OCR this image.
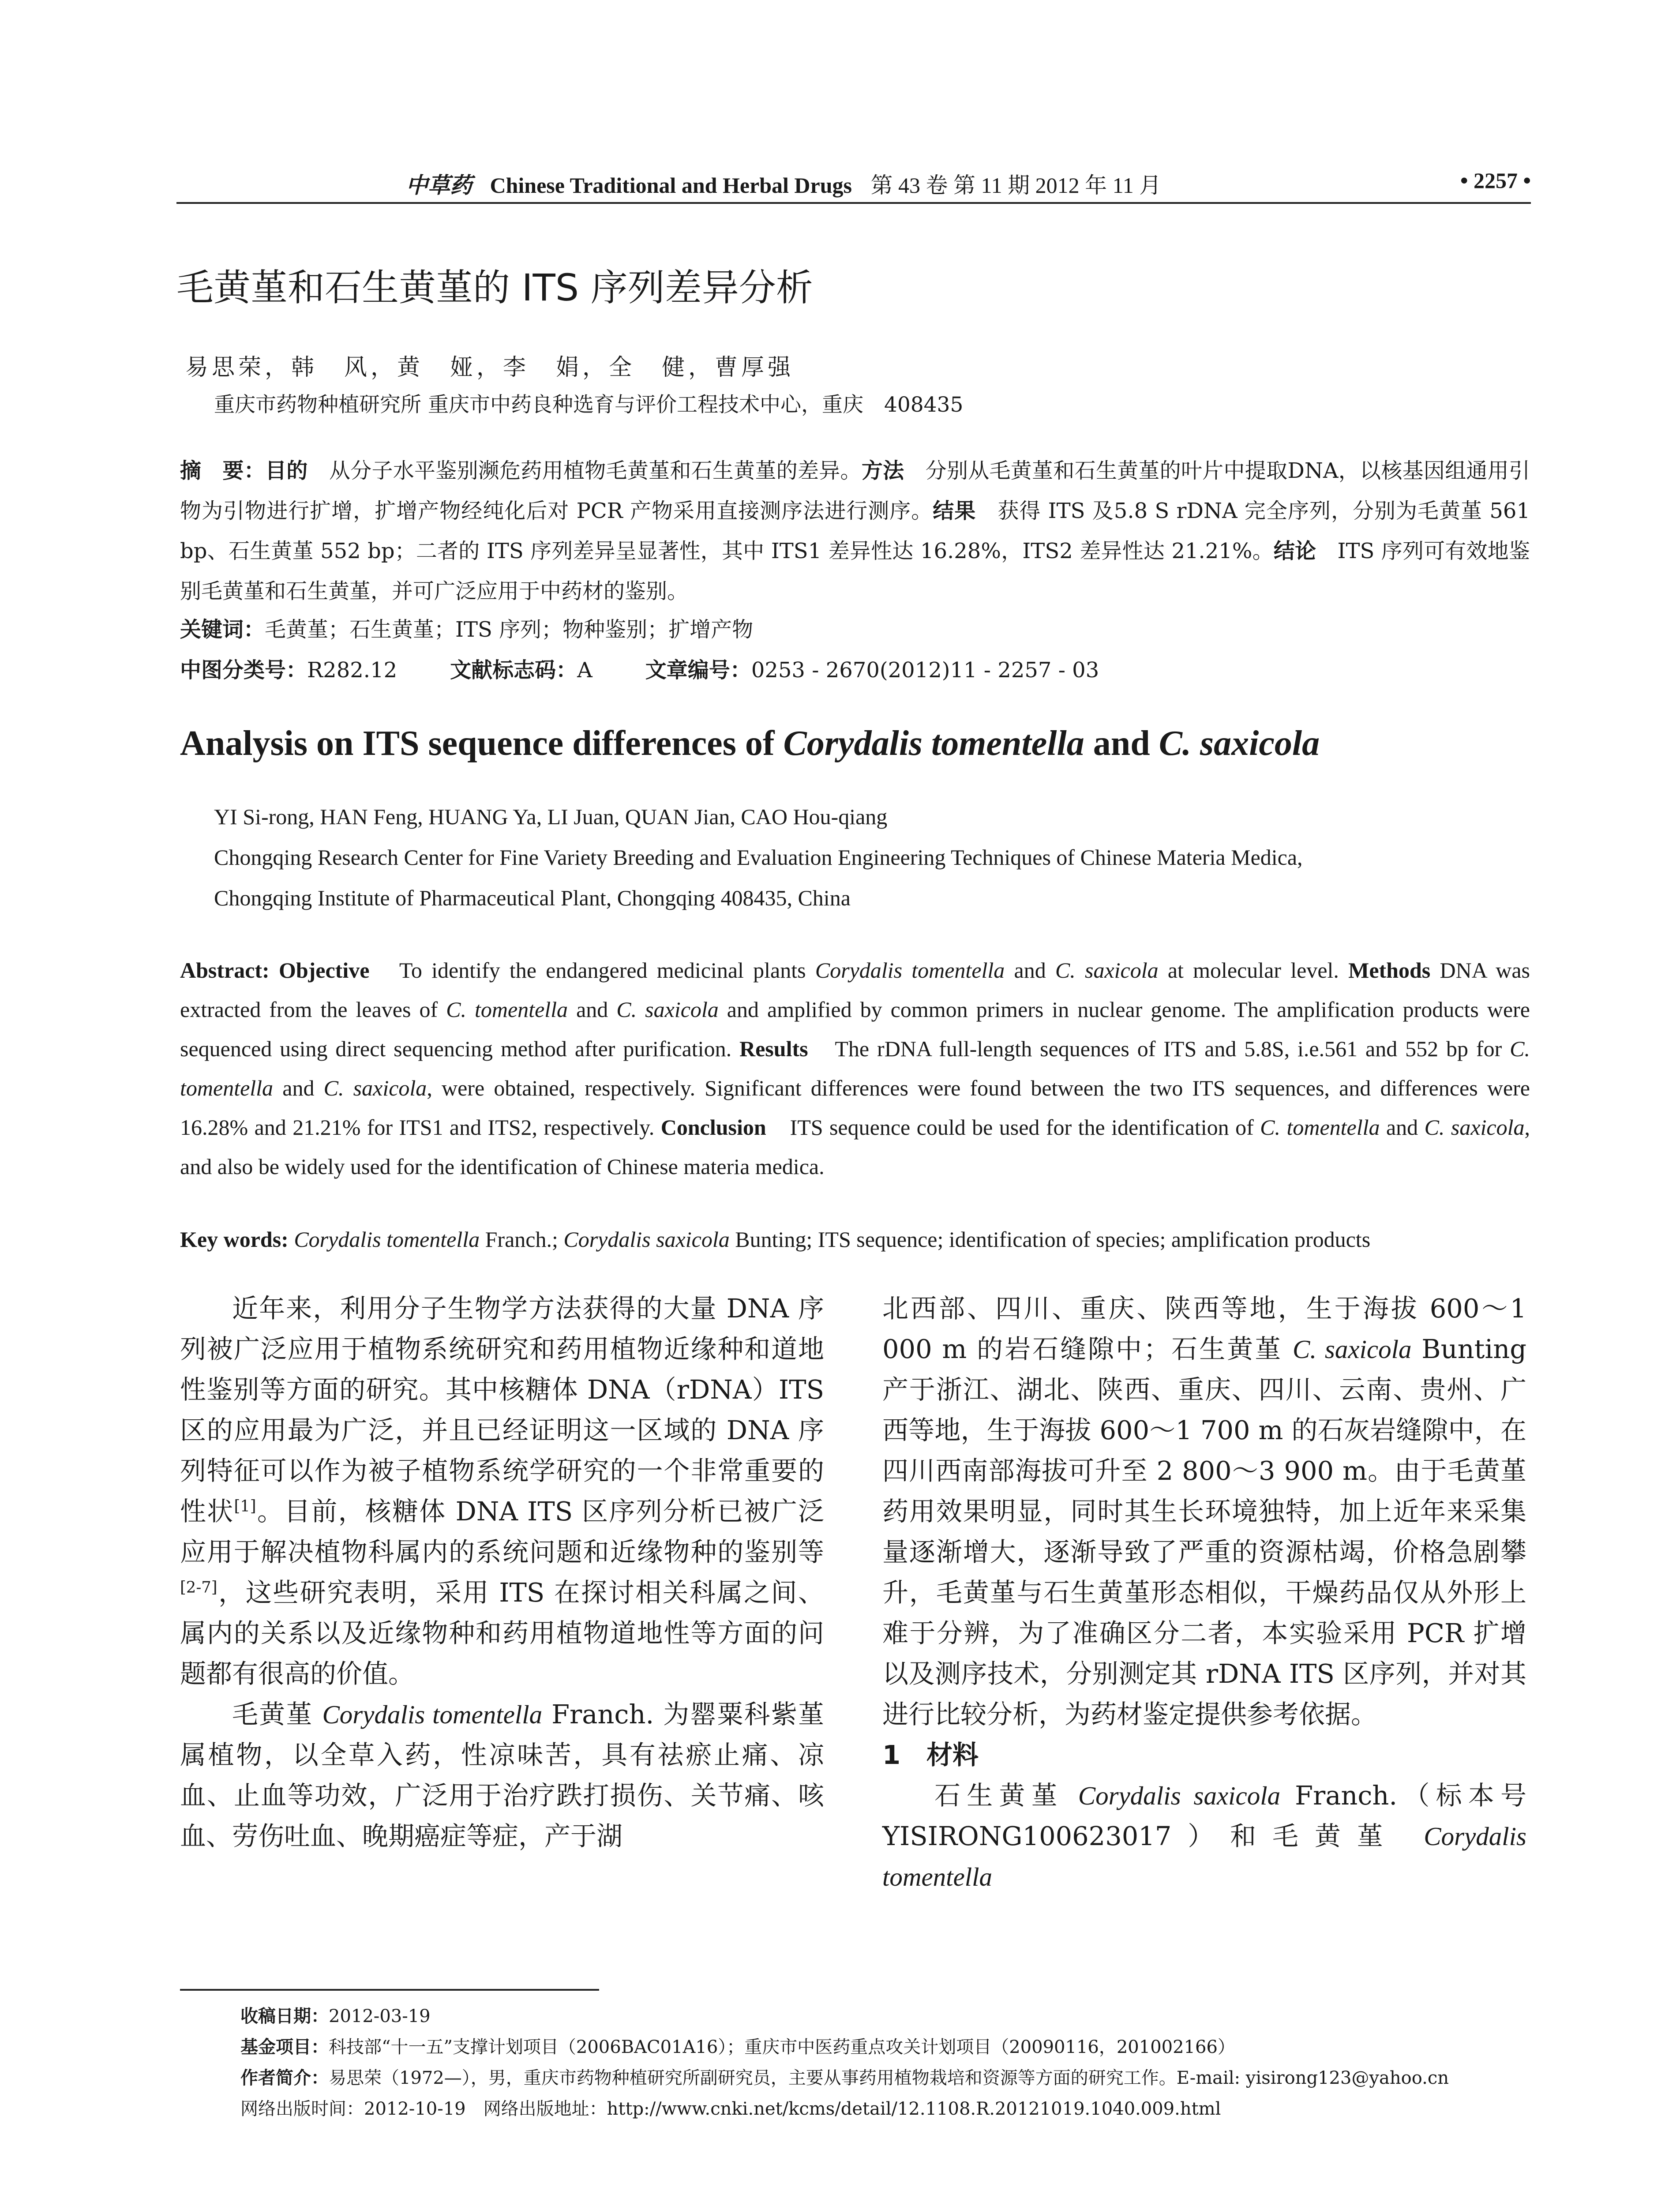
中草药 Chinese Traditional and Herbal Drugs 第 43 卷 第 11 期 2012 年 11 月	• 2257 •
毛黄堇和石生黄堇的 ITS 序列差异分析
易思荣，韩　风，黄　娅，李　娟，全　健，曹厚强
重庆市药物种植研究所 重庆市中药良种选育与评价工程技术中心，重庆　408435
摘　要：目的　从分子水平鉴别濒危药用植物毛黄堇和石生黄堇的差异。方法　分别从毛黄堇和石生黄堇的叶片中提取DNA，以核基因组通用引物为引物进行扩增，扩增产物经纯化后对 PCR 产物采用直接测序法进行测序。结果　获得 ITS 及5.8 S rDNA 完全序列，分别为毛黄堇 561 bp、石生黄堇 552 bp；二者的 ITS 序列差异呈显著性，其中 ITS1 差异性达 16.28%，ITS2 差异性达 21.21%。结论　ITS 序列可有效地鉴别毛黄堇和石生黄堇，并可广泛应用于中药材的鉴别。
关键词：毛黄堇；石生黄堇；ITS 序列；物种鉴别；扩增产物
中图分类号：R282.12	文献标志码：A	文章编号：0253 - 2670(2012)11 - 2257 - 03
Analysis on ITS sequence differences of Corydalis tomentella and C. saxicola
YI Si-rong, HAN Feng, HUANG Ya, LI Juan, QUAN Jian, CAO Hou-qiang
Chongqing Research Center for Fine Variety Breeding and Evaluation Engineering Techniques of Chinese Materia Medica,
Chongqing Institute of Pharmaceutical Plant, Chongqing 408435, China
Abstract: Objective　To identify the endangered medicinal plants Corydalis tomentella and C. saxicola at molecular level. Methods DNA was extracted from the leaves of C. tomentella and C. saxicola and amplified by common primers in nuclear genome. The amplification products were sequenced using direct sequencing method after purification. Results　The rDNA full-length sequences of ITS and 5.8S, i.e.561 and 552 bp for C. tomentella and C. saxicola, were obtained, respectively. Significant differences were found between the two ITS sequences, and differences were 16.28% and 21.21% for ITS1 and ITS2, respectively. Conclusion　ITS sequence could be used for the identification of C. tomentella and C. saxicola, and also be widely used for the identification of Chinese materia medica.
Key words: Corydalis tomentella Franch.; Corydalis saxicola Bunting; ITS sequence; identification of species; amplification products

近年来，利用分子生物学方法获得的大量 DNA 序列被广泛应用于植物系统研究和药用植物近缘种和道地性鉴别等方面的研究。其中核糖体 DNA（rDNA）ITS 区的应用最为广泛，并且已经证明这一区域的 DNA 序列特征可以作为被子植物系统学研究的一个非常重要的性状[1]。目前，核糖体 DNA ITS 区序列分析已被广泛应用于解决植物科属内的系统问题和近缘物种的鉴别等[2-7]，这些研究表明，采用 ITS 在探讨相关科属之间、属内的关系以及近缘物种和药用植物道地性等方面的问题都有很高的价值。

毛黄堇 Corydalis tomentella Franch. 为罂粟科紫堇属植物，以全草入药，性凉味苦，具有祛瘀止痛、凉血、止血等功效，广泛用于治疗跌打损伤、关节痛、咳血、劳伤吐血、晚期癌症等症，产于湖

北西部、四川、重庆、陕西等地，生于海拔 600～1 000 m 的岩石缝隙中；石生黄堇 C. saxicola Bunting 产于浙江、湖北、陕西、重庆、四川、云南、贵州、广西等地，生于海拔 600～1 700 m 的石灰岩缝隙中，在四川西南部海拔可升至 2 800～3 900 m。由于毛黄堇药用效果明显，同时其生长环境独特，加上近年来采集量逐渐增大，逐渐导致了严重的资源枯竭，价格急剧攀升，毛黄堇与石生黄堇形态相似，干燥药品仅从外形上难于分辨，为了准确区分二者，本实验采用 PCR 扩增以及测序技术，分别测定其 rDNA ITS 区序列，并对其进行比较分析，为药材鉴定提供参考依据。

1　材料

石生黄堇 Corydalis saxicola Franch.（标本号 YISIRONG100623017）和毛黄堇 Corydalis tomentella

收稿日期：2012-03-19
基金项目：科技部“十一五”支撑计划项目（2006BAC01A16）；重庆市中医药重点攻关计划项目（20090116，201002166）
作者简介：易思荣（1972—），男，重庆市药物种植研究所副研究员，主要从事药用植物栽培和资源等方面的研究工作。E-mail: yisirong123@yahoo.cn
网络出版时间：2012-10-19　 网络出版地址：http://www.cnki.net/kcms/detail/12.1108.R.20121019.1040.009.html
